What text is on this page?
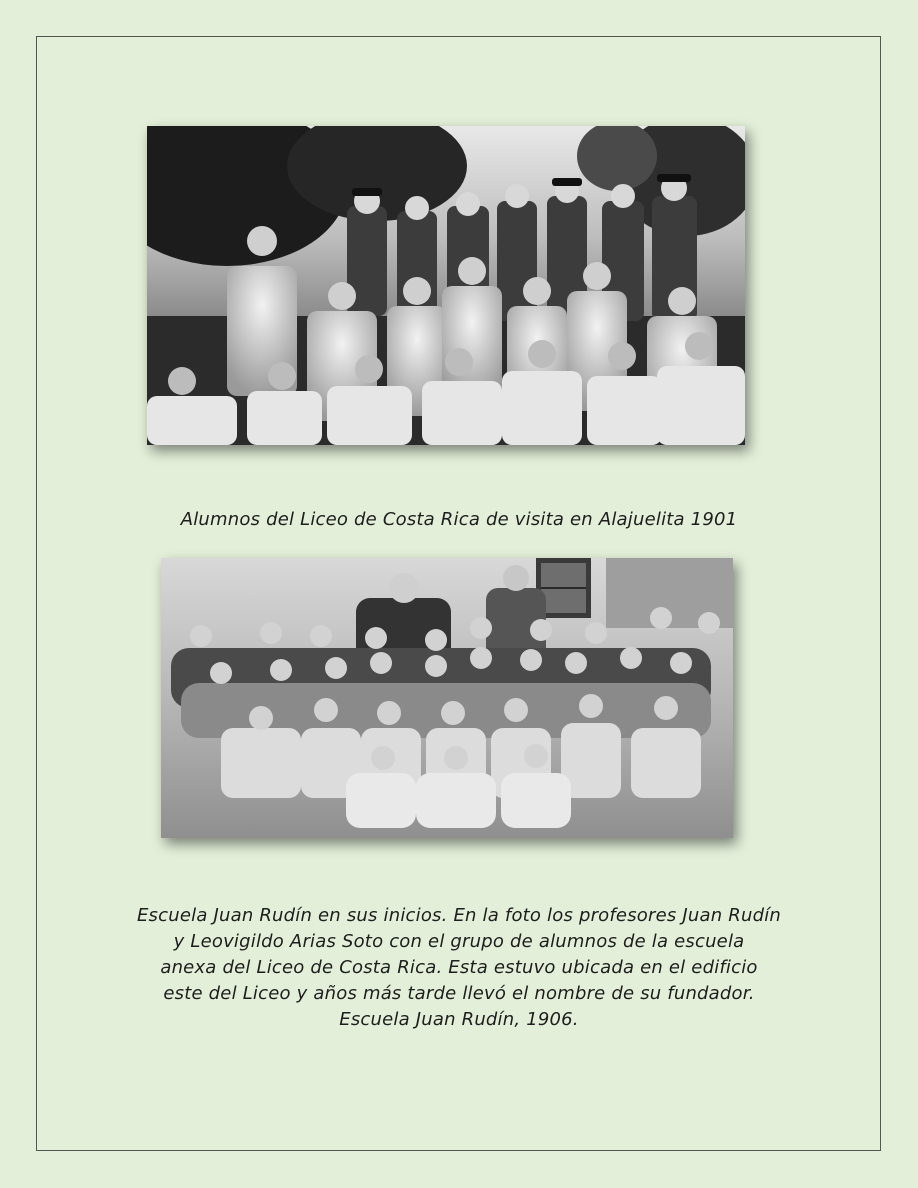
Alumnos del Liceo de Costa Rica de visita en Alajuelita 1901

Escuela Juan Rudín en sus inicios. En la foto los profesores Juan Rudín
y Leovigildo Arias Soto con el grupo de alumnos de la escuela
anexa del Liceo de Costa Rica. Esta estuvo ubicada en el edificio
este del Liceo y años más tarde llevó el nombre de su fundador.
Escuela Juan Rudín, 1906.
